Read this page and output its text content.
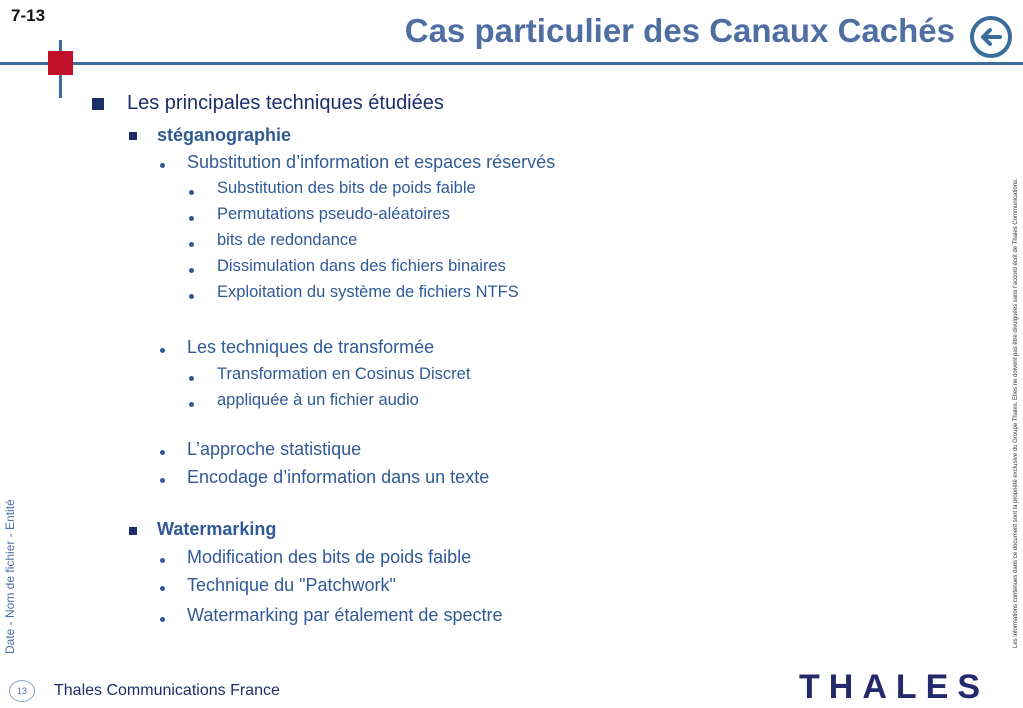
7-13	Cas particulier des Canaux Cachés
Les principales techniques étudiées
stéganographie
Substitution d’information et espaces réservés
Substitution des bits de poids faible
Permutations pseudo-aléatoires
bits de redondance
Dissimulation dans des fichiers binaires
Exploitation du système de fichiers NTFS
Les techniques de transformée
Transformation en Cosinus Discret
appliquée à un fichier audio
L’approche statistique
Encodage d’information dans un texte
Watermarking
Modification des bits de poids faible
Technique du "Patchwork"
Watermarking par étalement de spectre
Date - Nom de fichier - Entité	Les informations contenues dans ce document sont la propriété exclusive du Groupe Thales. Elles ne doivent pas être divulguées sans l’accord écrit de Thales Communications.
13	Thales Communications France	THALES
